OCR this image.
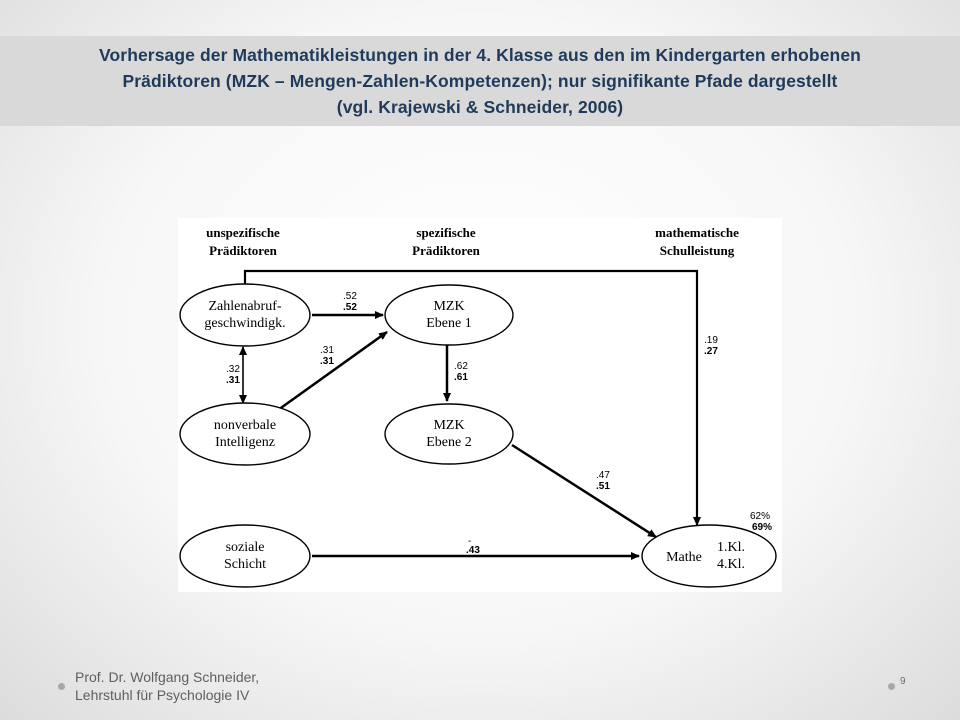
Vorhersage der Mathematikleistungen in der 4. Klasse aus den im Kindergarten erhobenen
Prädiktoren (MZK – Mengen-Zahlen-Kompetenzen); nur signifikante Pfade dargestellt
(vgl. Krajewski & Schneider, 2006)
unspezifische
Prädiktoren
spezifische
Prädiktoren
mathematische
Schulleistung
Zahlenabruf-
geschwindigk.
MZK
Ebene 1
nonverbale
Intelligenz
MZK
Ebene 2
soziale
Schicht	Mathe
1.Kl.
4.Kl.
.52
.52
.32
.31
.31
.31	.62
.61
.19
.27
.47
.51
-
.43
62%
69%
Prof. Dr. Wolfgang Schneider,
Lehrstuhl für Psychologie IV
9
